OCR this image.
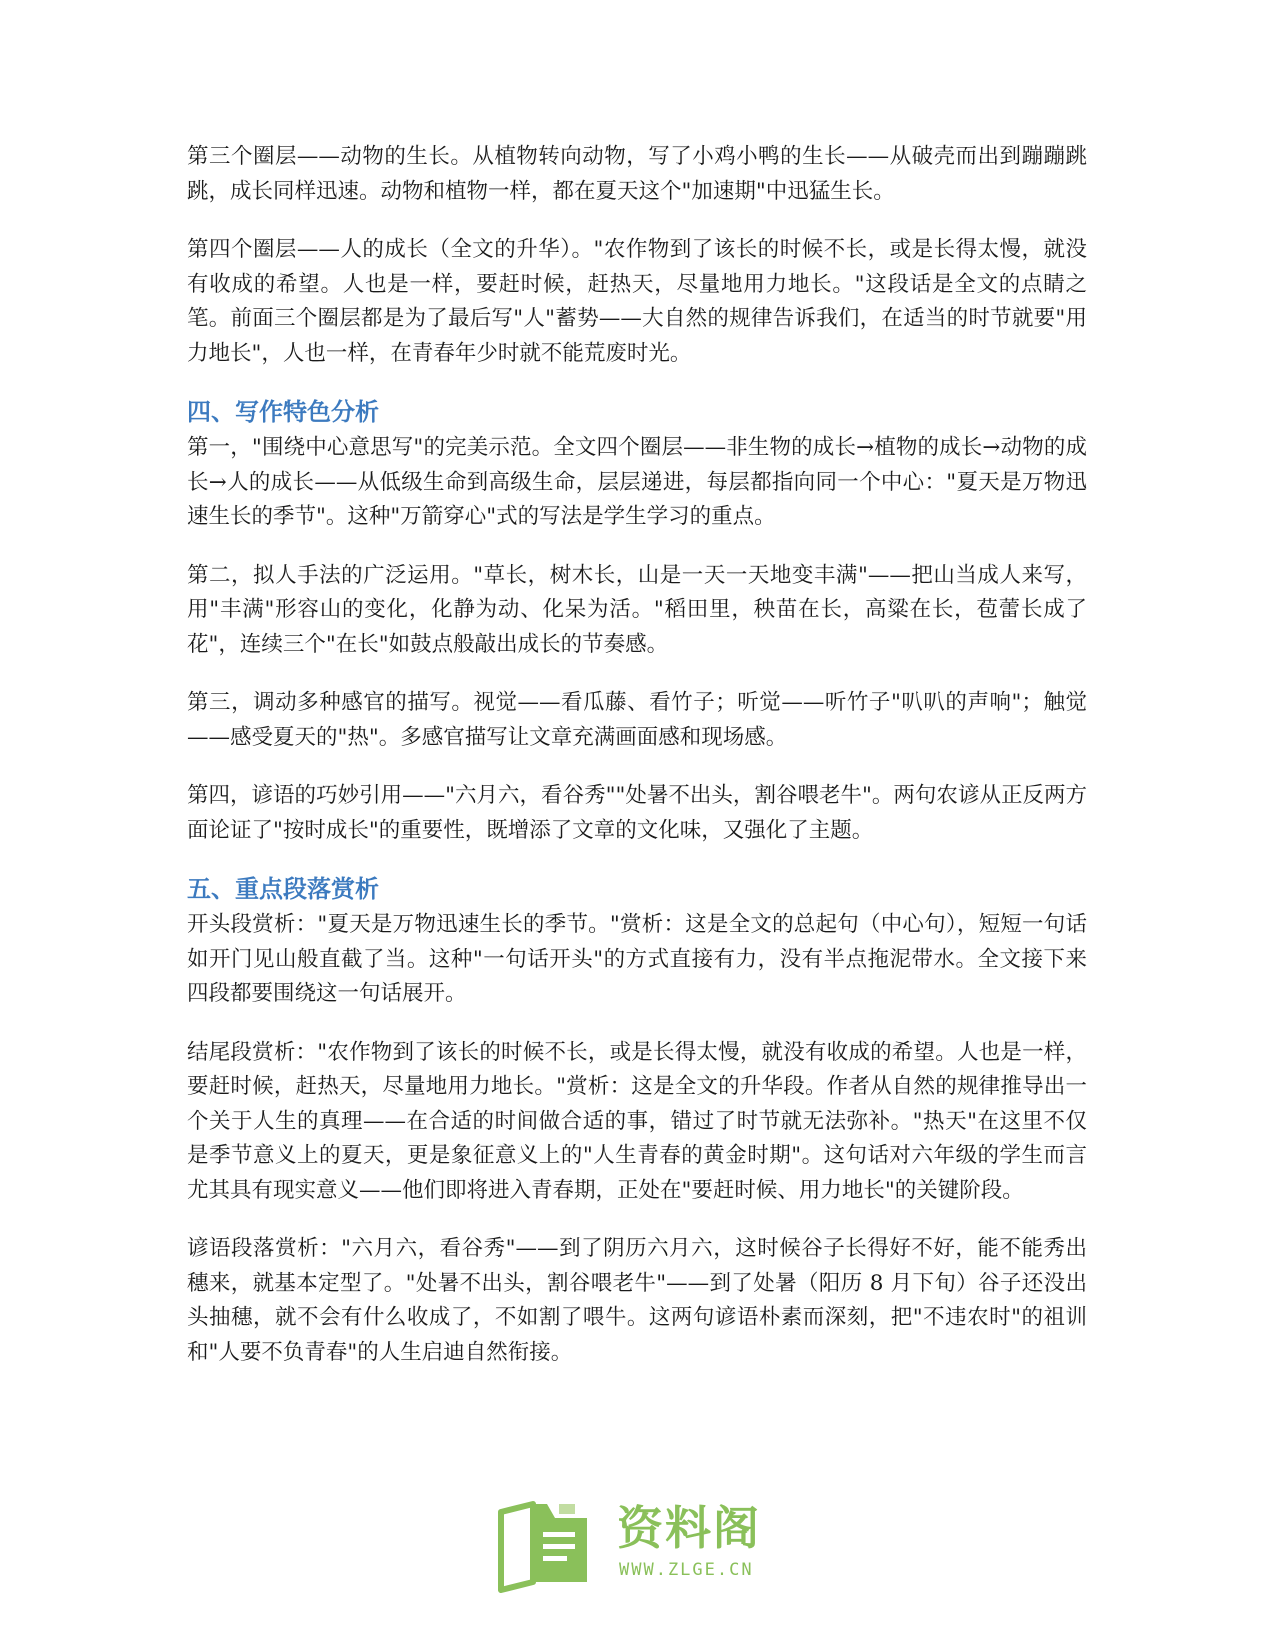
第三个圈层——动物的生长。从植物转向动物，写了小鸡小鸭的生长——从破壳而出到蹦蹦跳跳，成长同样迅速。动物和植物一样，都在夏天这个"加速期"中迅猛生长。

第四个圈层——人的成长（全文的升华）。"农作物到了该长的时候不长，或是长得太慢，就没有收成的希望。人也是一样，要赶时候，赶热天，尽量地用力地长。"这段话是全文的点睛之笔。前面三个圈层都是为了最后写"人"蓄势——大自然的规律告诉我们，在适当的时节就要"用力地长"，人也一样，在青春年少时就不能荒废时光。

四、写作特色分析

第一，"围绕中心意思写"的完美示范。全文四个圈层——非生物的成长→植物的成长→动物的成长→人的成长——从低级生命到高级生命，层层递进，每层都指向同一个中心："夏天是万物迅速生长的季节"。这种"万箭穿心"式的写法是学生学习的重点。

第二，拟人手法的广泛运用。"草长，树木长，山是一天一天地变丰满"——把山当成人来写，用"丰满"形容山的变化，化静为动、化呆为活。"稻田里，秧苗在长，高粱在长，苞蕾长成了花"，连续三个"在长"如鼓点般敲出成长的节奏感。

第三，调动多种感官的描写。视觉——看瓜藤、看竹子；听觉——听竹子"叭叭的声响"；触觉——感受夏天的"热"。多感官描写让文章充满画面感和现场感。

第四，谚语的巧妙引用——"六月六，看谷秀""处暑不出头，割谷喂老牛"。两句农谚从正反两方面论证了"按时成长"的重要性，既增添了文章的文化味，又强化了主题。

五、重点段落赏析

开头段赏析："夏天是万物迅速生长的季节。"赏析：这是全文的总起句（中心句），短短一句话如开门见山般直截了当。这种"一句话开头"的方式直接有力，没有半点拖泥带水。全文接下来四段都要围绕这一句话展开。

结尾段赏析："农作物到了该长的时候不长，或是长得太慢，就没有收成的希望。人也是一样，要赶时候，赶热天，尽量地用力地长。"赏析：这是全文的升华段。作者从自然的规律推导出一个关于人生的真理——在合适的时间做合适的事，错过了时节就无法弥补。"热天"在这里不仅是季节意义上的夏天，更是象征意义上的"人生青春的黄金时期"。这句话对六年级的学生而言尤其具有现实意义——他们即将进入青春期，正处在"要赶时候、用力地长"的关键阶段。

谚语段落赏析："六月六，看谷秀"——到了阴历六月六，这时候谷子长得好不好，能不能秀出穗来，就基本定型了。"处暑不出头，割谷喂老牛"——到了处暑（阳历 8 月下旬）谷子还没出头抽穗，就不会有什么收成了，不如割了喂牛。这两句谚语朴素而深刻，把"不违农时"的祖训和"人要不负青春"的人生启迪自然衔接。

资料阁
WWW.ZLGE.CN
